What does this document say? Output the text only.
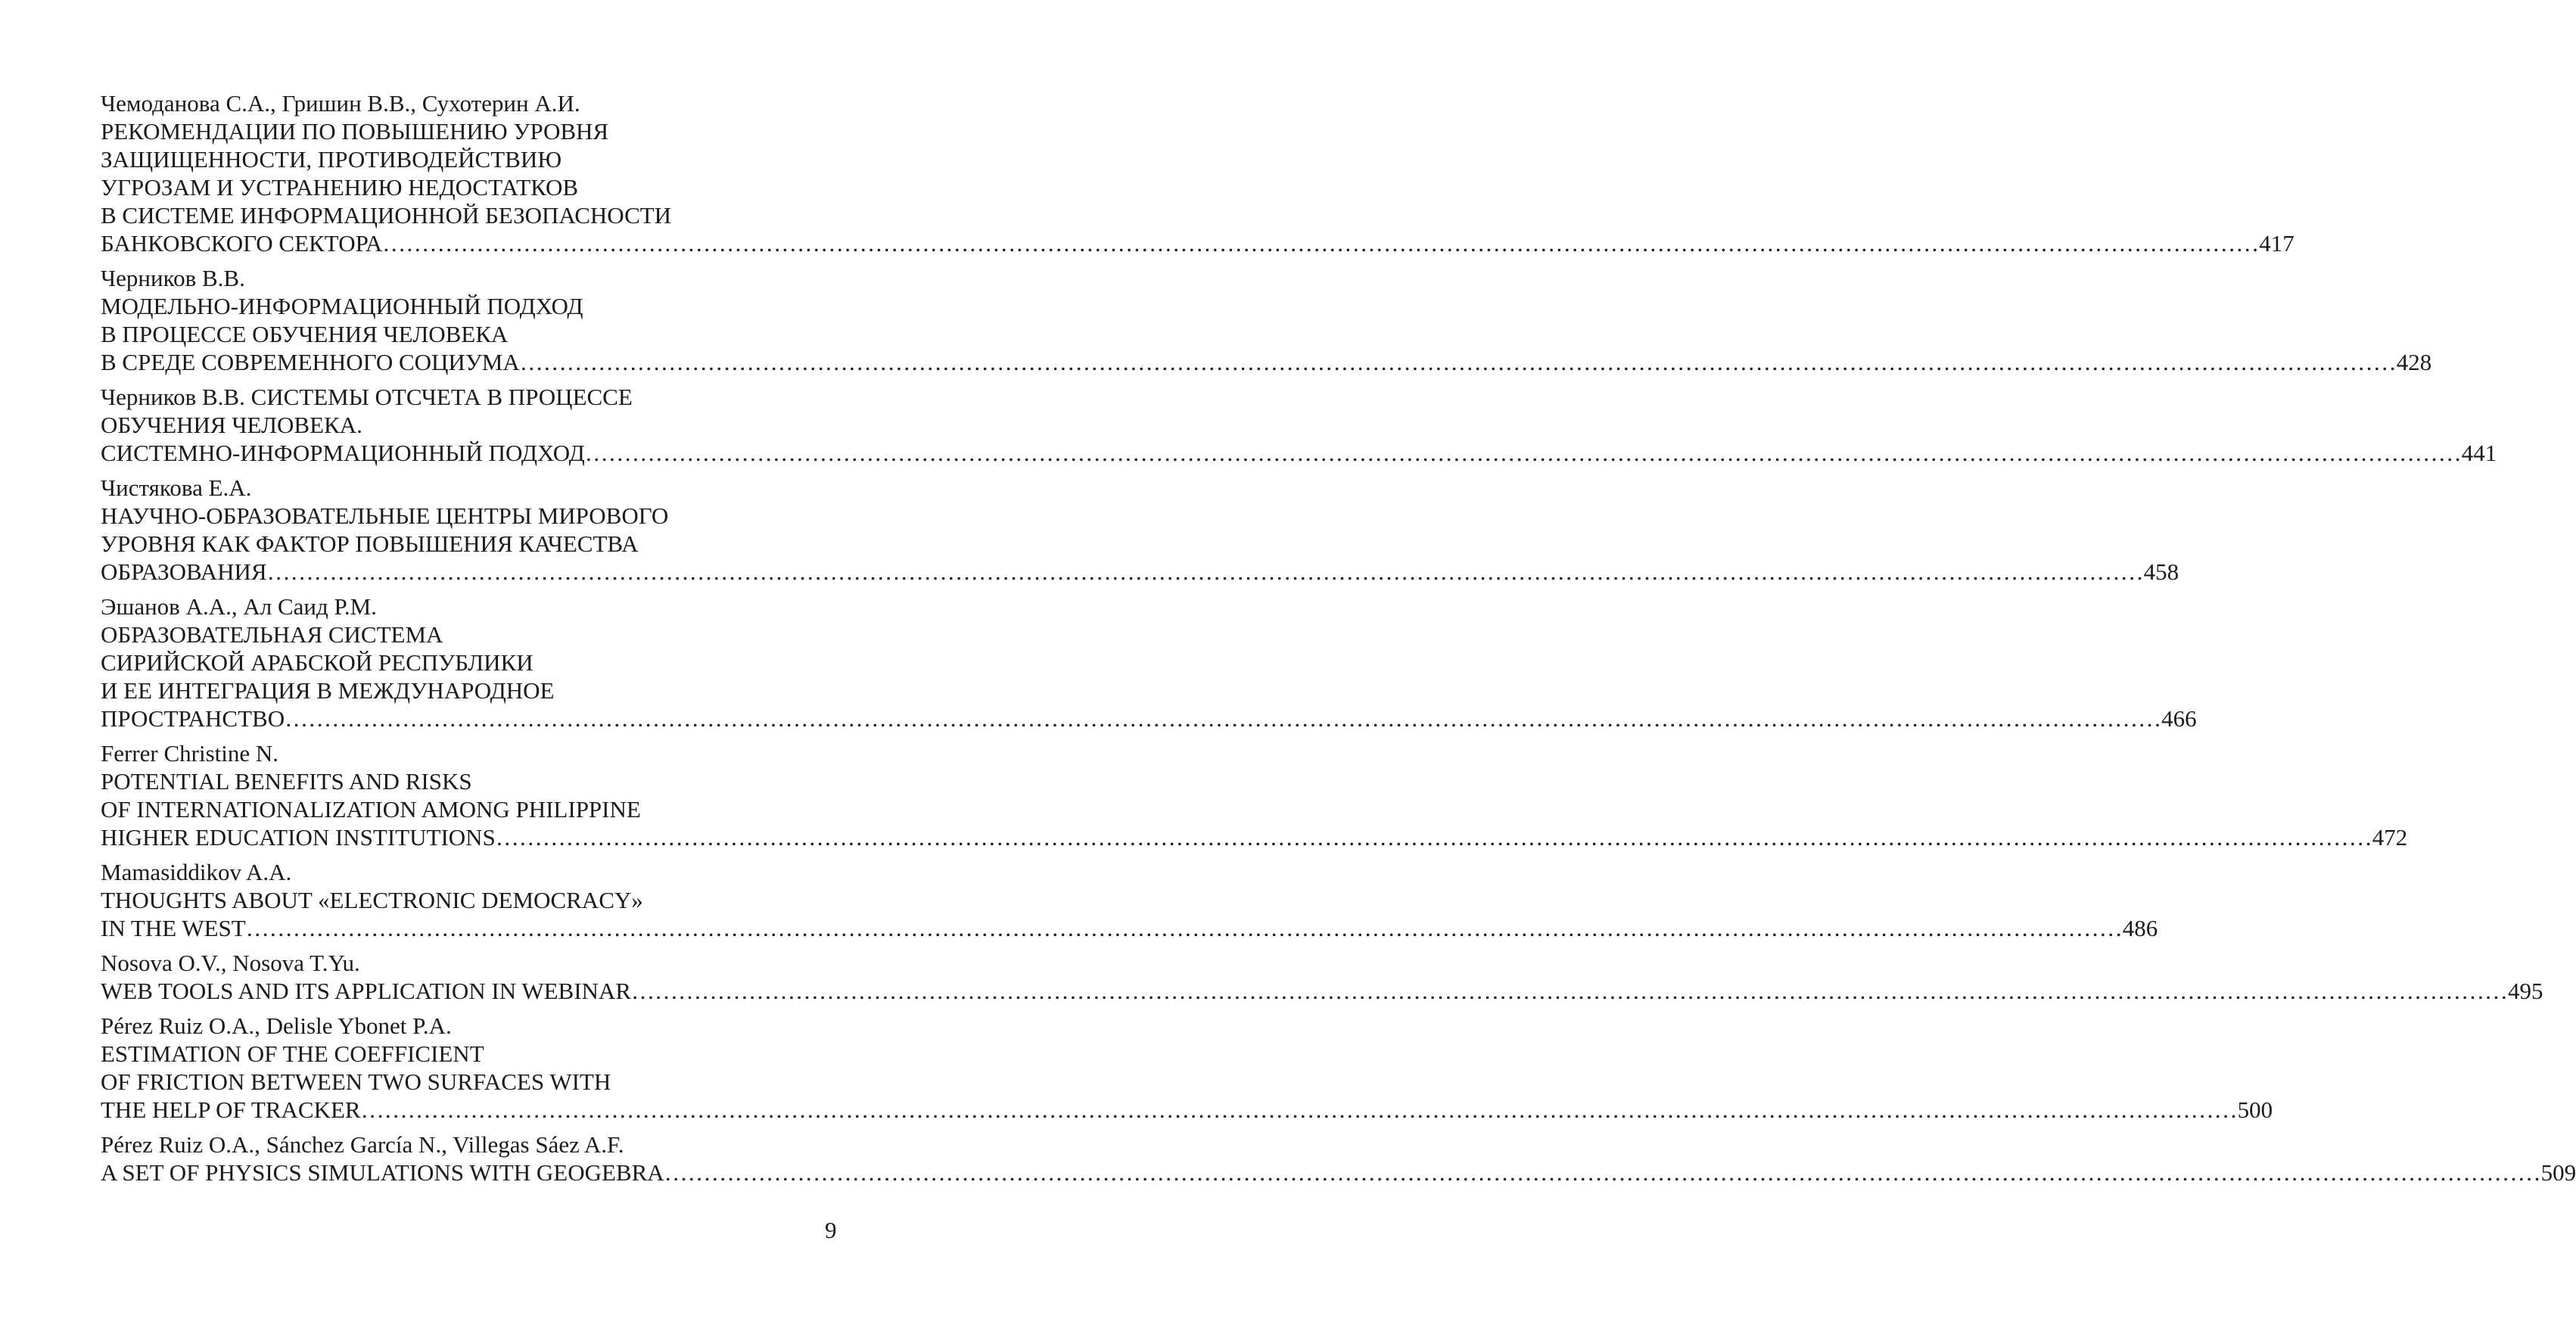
Чемоданова С.А., Гришин В.В., Сухотерин А.И.
РЕКОМЕНДАЦИИ ПО ПОВЫШЕНИЮ УРОВНЯ
ЗАЩИЩЕННОСТИ, ПРОТИВОДЕЙСТВИЮ
УГРОЗАМ И УСТРАНЕНИЮ НЕДОСТАТКОВ
В СИСТЕМЕ ИНФОРМАЦИОННОЙ БЕЗОПАСНОСТИ
БАНКОВСКОГО СЕКТОРА …………………………………………………………………………………………………………………………………………………………………………………………………………………… 417
Черников В.В.
МОДЕЛЬНО-ИНФОРМАЦИОННЫЙ ПОДХОД
В ПРОЦЕССЕ ОБУЧЕНИЯ ЧЕЛОВЕКА
В СРЕДЕ СОВРЕМЕННОГО СОЦИУМА …………………………………………………………………………………………………………………………………………………………………………………………………………………… 428
Черников В.В. СИСТЕМЫ ОТСЧЕТА В ПРОЦЕССЕ
ОБУЧЕНИЯ ЧЕЛОВЕКА.
СИСТЕМНО-ИНФОРМАЦИОННЫЙ ПОДХОД …………………………………………………………………………………………………………………………………………………………………………………………………………………… 441
Чистякова Е.А.
НАУЧНО-ОБРАЗОВАТЕЛЬНЫЕ ЦЕНТРЫ МИРОВОГО
УРОВНЯ КАК ФАКТОР ПОВЫШЕНИЯ КАЧЕСТВА
ОБРАЗОВАНИЯ …………………………………………………………………………………………………………………………………………………………………………………………………………………… 458
Эшанов А.А., Ал Саид Р.М.
ОБРАЗОВАТЕЛЬНАЯ СИСТЕМА
СИРИЙСКОЙ АРАБСКОЙ РЕСПУБЛИКИ
И ЕЕ ИНТЕГРАЦИЯ В МЕЖДУНАРОДНОЕ
ПРОСТРАНСТВО …………………………………………………………………………………………………………………………………………………………………………………………………………………… 466
Ferrer Christine N.
POTENTIAL BENEFITS AND RISKS
OF INTERNATIONALIZATION AMONG PHILIPPINE
HIGHER EDUCATION INSTITUTIONS …………………………………………………………………………………………………………………………………………………………………………………………………………………… 472
Mamasiddikov A.A.
THOUGHTS ABOUT «ELECTRONIC DEMOCRACY»
IN THE WEST …………………………………………………………………………………………………………………………………………………………………………………………………………………… 486
Nosova O.V., Nosova T.Yu.
WEB TOOLS AND ITS APPLICATION IN WEBINAR …………………………………………………………………………………………………………………………………………………………………………………………………………………… 495
Pérez Ruiz O.A., Delisle Ybonet P.A.
ESTIMATION OF THE COEFFICIENT
OF FRICTION BETWEEN TWO SURFACES WITH
THE HELP OF TRACKER …………………………………………………………………………………………………………………………………………………………………………………………………………………… 500
Pérez Ruiz O.A., Sánchez García N., Villegas Sáez A.F.
A SET OF PHYSICS SIMULATIONS WITH GEOGEBRA …………………………………………………………………………………………………………………………………………………………………………………………………………………… 509
9
